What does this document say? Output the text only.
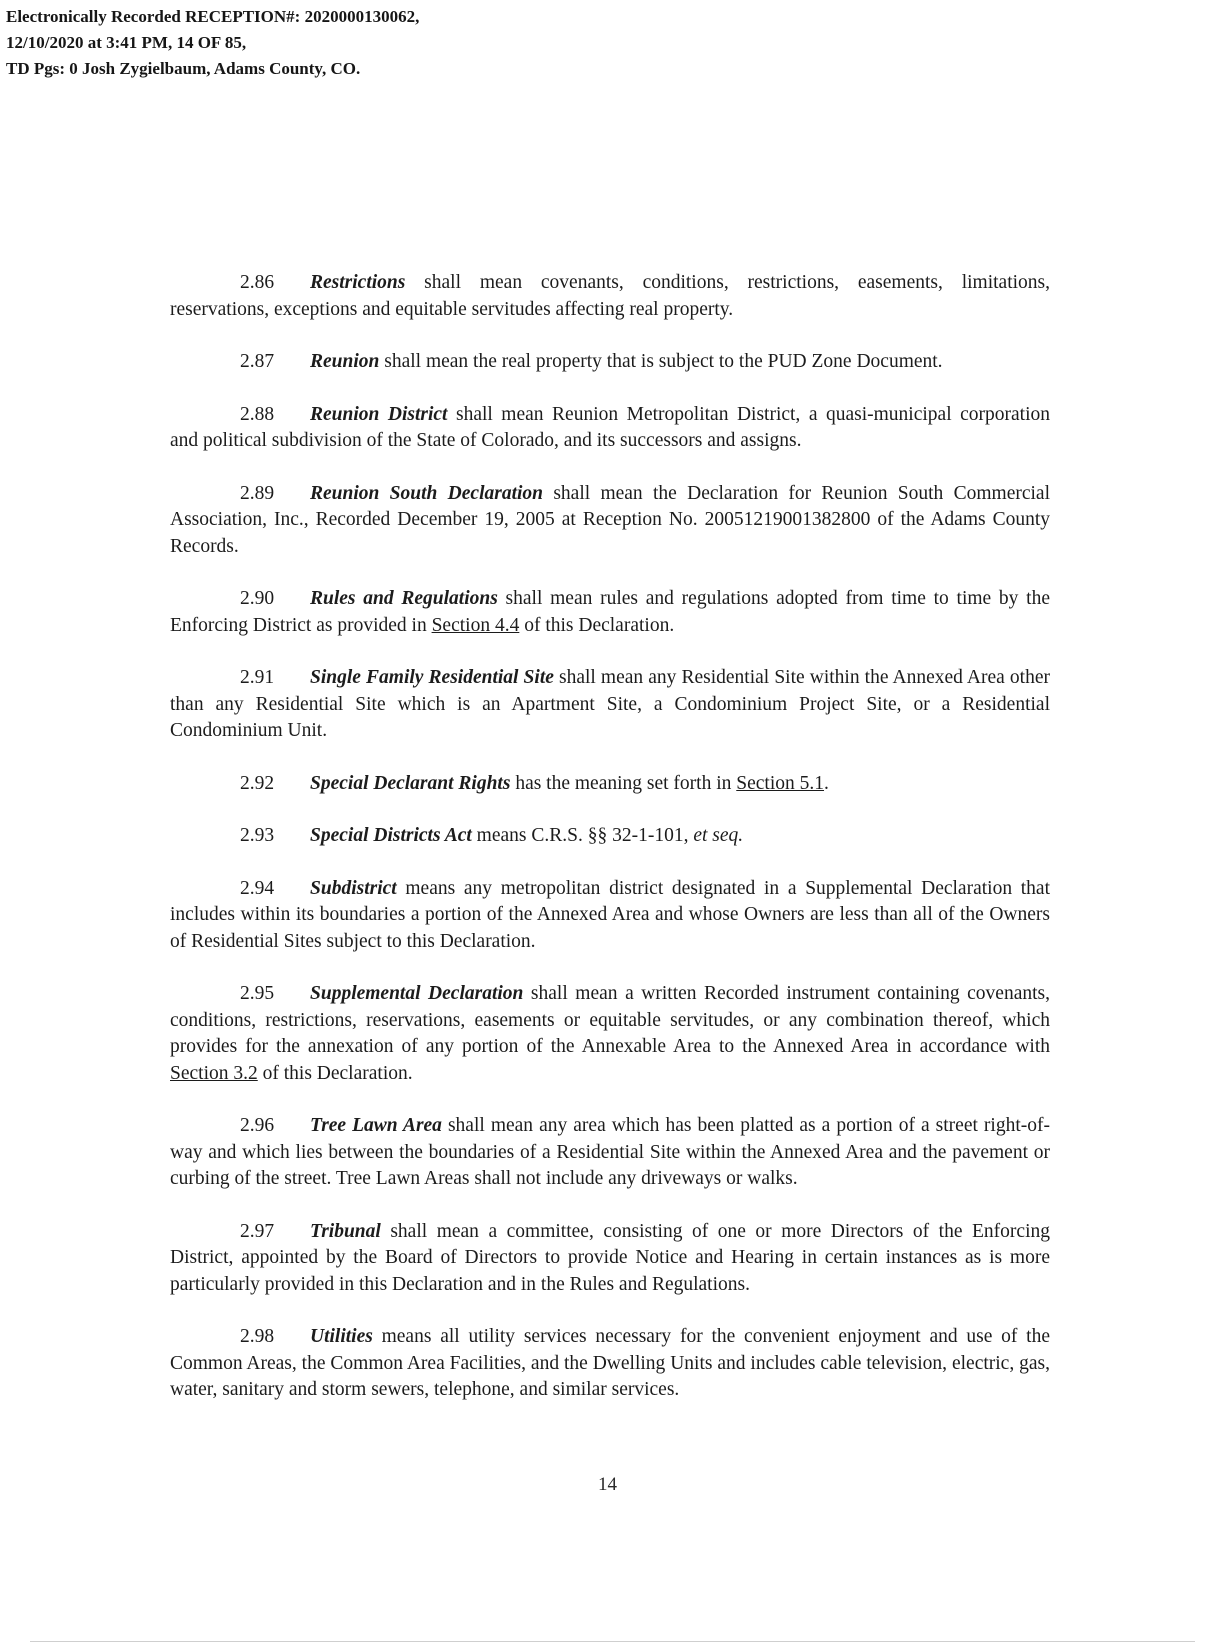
Electronically Recorded RECEPTION#: 2020000130062,
12/10/2020 at 3:41 PM, 14 OF 85,
TD Pgs: 0 Josh Zygielbaum, Adams County, CO.

2.86 Restrictions shall mean covenants, conditions, restrictions, easements, limitations, reservations, exceptions and equitable servitudes affecting real property.

2.87 Reunion shall mean the real property that is subject to the PUD Zone Document.

2.88 Reunion District shall mean Reunion Metropolitan District, a quasi-municipal corporation and political subdivision of the State of Colorado, and its successors and assigns.

2.89 Reunion South Declaration shall mean the Declaration for Reunion South Commercial Association, Inc., Recorded December 19, 2005 at Reception No. 20051219001382800 of the Adams County Records.

2.90 Rules and Regulations shall mean rules and regulations adopted from time to time by the Enforcing District as provided in Section 4.4 of this Declaration.

2.91 Single Family Residential Site shall mean any Residential Site within the Annexed Area other than any Residential Site which is an Apartment Site, a Condominium Project Site, or a Residential Condominium Unit.

2.92 Special Declarant Rights has the meaning set forth in Section 5.1.

2.93 Special Districts Act means C.R.S. §§ 32-1-101, et seq.

2.94 Subdistrict means any metropolitan district designated in a Supplemental Declaration that includes within its boundaries a portion of the Annexed Area and whose Owners are less than all of the Owners of Residential Sites subject to this Declaration.

2.95 Supplemental Declaration shall mean a written Recorded instrument containing covenants, conditions, restrictions, reservations, easements or equitable servitudes, or any combination thereof, which provides for the annexation of any portion of the Annexable Area to the Annexed Area in accordance with Section 3.2 of this Declaration.

2.96 Tree Lawn Area shall mean any area which has been platted as a portion of a street right-of-way and which lies between the boundaries of a Residential Site within the Annexed Area and the pavement or curbing of the street. Tree Lawn Areas shall not include any driveways or walks.

2.97 Tribunal shall mean a committee, consisting of one or more Directors of the Enforcing District, appointed by the Board of Directors to provide Notice and Hearing in certain instances as is more particularly provided in this Declaration and in the Rules and Regulations.

2.98 Utilities means all utility services necessary for the convenient enjoyment and use of the Common Areas, the Common Area Facilities, and the Dwelling Units and includes cable television, electric, gas, water, sanitary and storm sewers, telephone, and similar services.

14
